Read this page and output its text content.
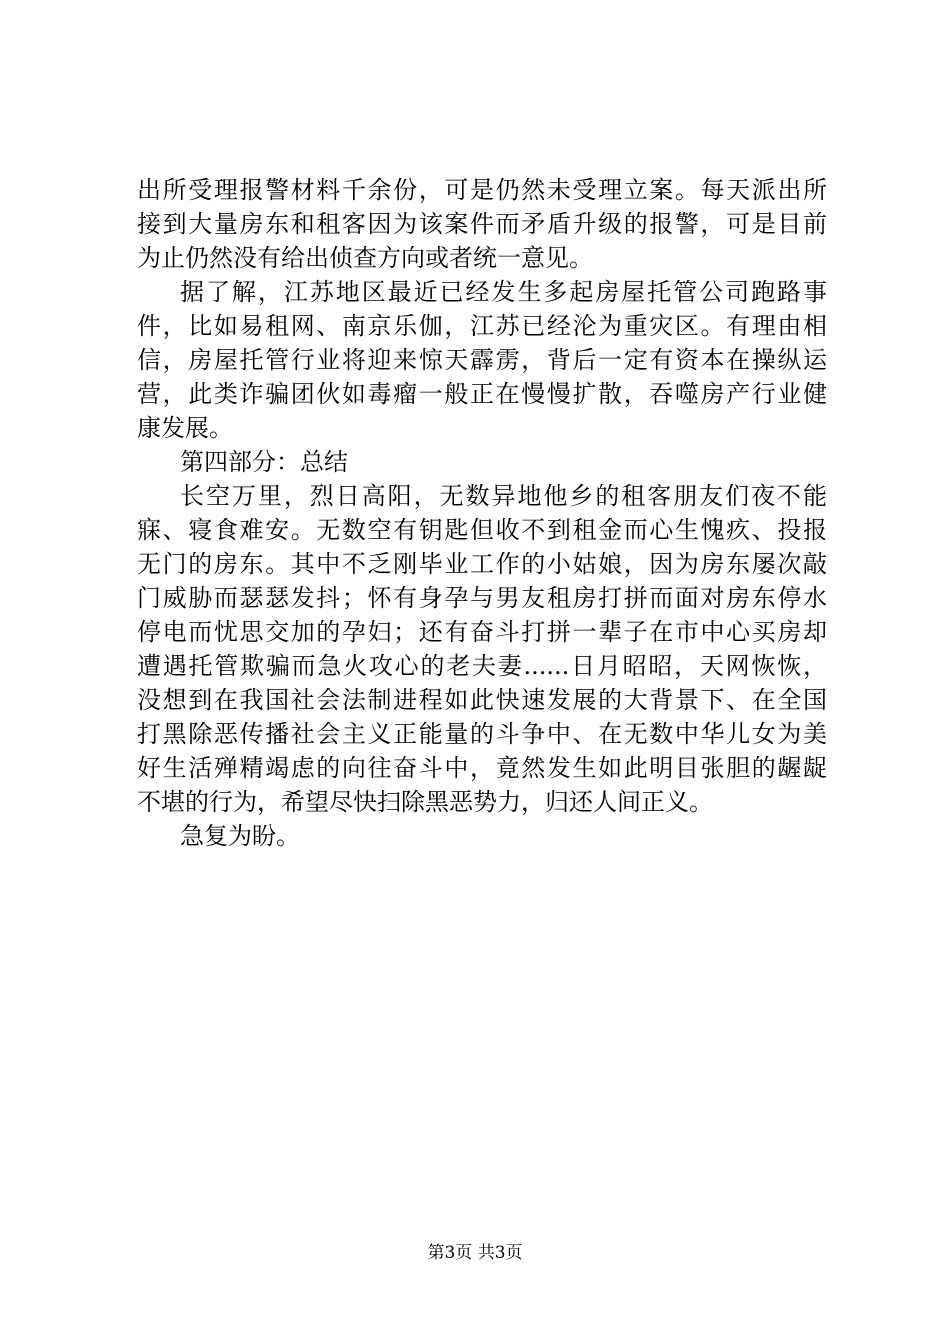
出所受理报警材料千余份，可是仍然未受理立案。每天派出所
接到大量房东和租客因为该案件而矛盾升级的报警，可是目前
为止仍然没有给出侦查方向或者统一意见。
据了解，江苏地区最近已经发生多起房屋托管公司跑路事
件，比如易租网、南京乐伽，江苏已经沦为重灾区。有理由相
信，房屋托管行业将迎来惊天霹雳，背后一定有资本在操纵运
营，此类诈骗团伙如毒瘤一般正在慢慢扩散，吞噬房产行业健
康发展。
第四部分：总结
长空万里，烈日高阳，无数异地他乡的租客朋友们夜不能
寐、寝食难安。无数空有钥匙但收不到租金而心生愧疚、投报
无门的房东。其中不乏刚毕业工作的小姑娘，因为房东屡次敲
门威胁而瑟瑟发抖；怀有身孕与男友租房打拼而面对房东停水
停电而忧思交加的孕妇；还有奋斗打拼一辈子在市中心买房却
遭遇托管欺骗而急火攻心的老夫妻......日月昭昭，天网恢恢，
没想到在我国社会法制进程如此快速发展的大背景下、在全国
打黑除恶传播社会主义正能量的斗争中、在无数中华儿女为美
好生活殚精竭虑的向往奋斗中，竟然发生如此明目张胆的龌龊
不堪的行为，希望尽快扫除黑恶势力，归还人间正义。
急复为盼。
第3页 共3页
